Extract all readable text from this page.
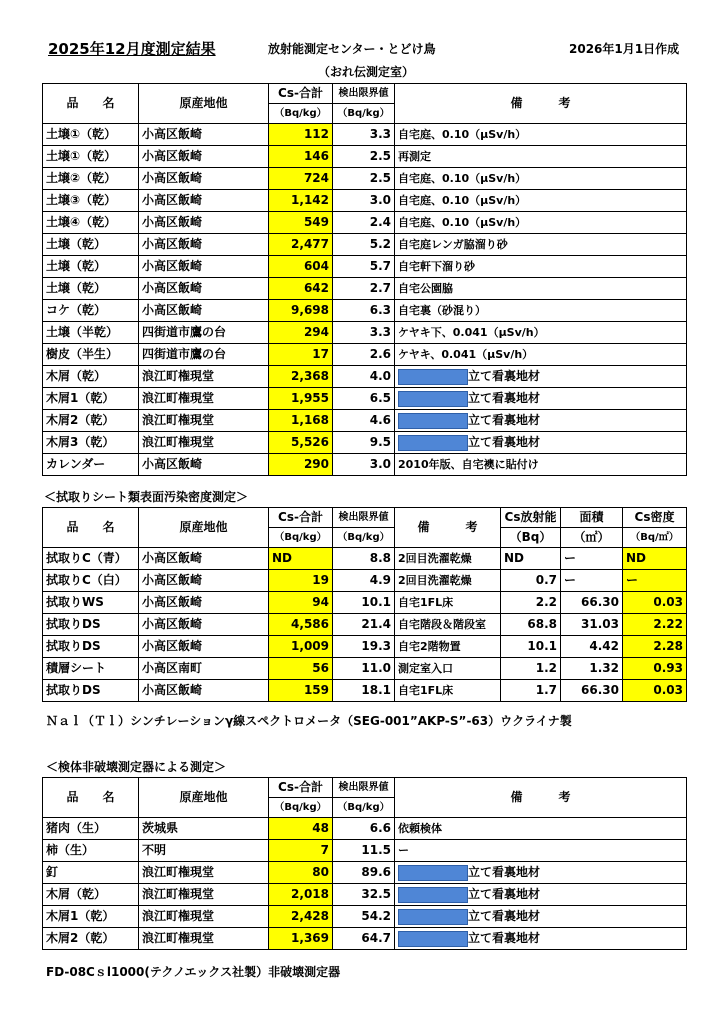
2025年12月度測定結果	放射能測定センター・とどけ鳥	2026年1月1日作成
（おれ伝測定室）
品　　名	原産地他	Cs-合計	検出限界値	備　　　考
		（Bq/kg）	（Bq/kg）	
土壌①（乾）	小高区飯崎	112	3.3	自宅庭、0.10（μSv/h）
土壌①（乾）	小高区飯崎	146	2.5	再測定
土壌②（乾）	小高区飯崎	724	2.5	自宅庭、0.10（μSv/h）
土壌③（乾）	小高区飯崎	1,142	3.0	自宅庭、0.10（μSv/h）
土壌④（乾）	小高区飯崎	549	2.4	自宅庭、0.10（μSv/h）
土壌（乾）	小高区飯崎	2,477	5.2	自宅庭レンガ脇溜り砂
土壌（乾）	小高区飯崎	604	5.7	自宅軒下溜り砂
土壌（乾）	小高区飯崎	642	2.7	自宅公園脇
コケ（乾）	小高区飯崎	9,698	6.3	自宅裏（砂混り）
土壌（半乾）	四街道市鷹の台	294	3.3	ケヤキ下、0.041（μSv/h）
樹皮（半生）	四街道市鷹の台	17	2.6	ケヤキ、0.041（μSv/h）
木屑（乾）	浪江町権現堂	2,368	4.0	立て看裏地材
木屑1（乾）	浪江町権現堂	1,955	6.5	立て看裏地材
木屑2（乾）	浪江町権現堂	1,168	4.6	立て看裏地材
木屑3（乾）	浪江町権現堂	5,526	9.5	立て看裏地材
カレンダー	小高区飯崎	290	3.0	2010年版、自宅襖に貼付け
＜拭取りシート類表面汚染密度測定＞
品　　名	原産地他	Cs-合計	検出限界値	備　　　考	Cs放射能	面積	Cs密度
		（Bq/kg）	（Bq/kg）		（Bq）	（㎡）	（Bq/㎡）
拭取りC（青）	小高区飯崎	ND	8.8	2回目洗濯乾燥	ND	ー	ND
拭取りC（白）	小高区飯崎	19	4.9	2回目洗濯乾燥	0.7	ー	ー
拭取りWS	小高区飯崎	94	10.1	自宅1FL床	2.2	66.30	0.03
拭取りDS	小高区飯崎	4,586	21.4	自宅階段＆階段室	68.8	31.03	2.22
拭取りDS	小高区飯崎	1,009	19.3	自宅2階物置	10.1	4.42	2.28
積層シート	小高区南町	56	11.0	測定室入口	1.2	1.32	0.93
拭取りDS	小高区飯崎	159	18.1	自宅1FL床	1.7	66.30	0.03
Ｎａｌ（Ｔｌ）シンチレーションγ線スペクトロメータ（SEG-001”AKP-S”-63）ウクライナ製
＜検体非破壊測定器による測定＞
品　　名	原産地他	Cs-合計	検出限界値	備　　　考
		（Bq/kg）	（Bq/kg）	
猪肉（生）	茨城県	48	6.6	依頼検体
柿（生）	不明	7	11.5	ー
釘	浪江町権現堂	80	89.6	立て看裏地材
木屑（乾）	浪江町権現堂	2,018	32.5	立て看裏地材
木屑1（乾）	浪江町権現堂	2,428	54.2	立て看裏地材
木屑2（乾）	浪江町権現堂	1,369	64.7	立て看裏地材
FD-08Cｓl1000(テクノエックス社製）非破壊測定器
